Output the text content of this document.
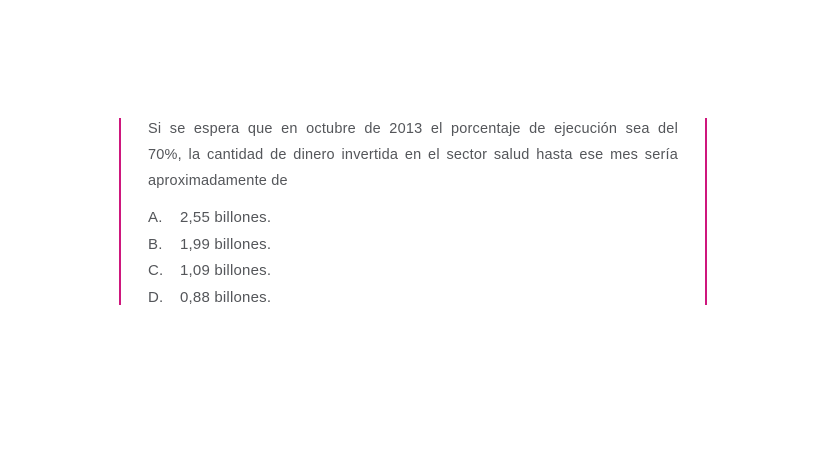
Si se espera que en octubre de 2013 el porcentaje de ejecución sea del
70%, la cantidad de dinero invertida en el sector salud hasta ese mes sería
aproximadamente de
A.	2,55 billones.
B.	1,99 billones.
C.	1,09 billones.
D.	0,88 billones.
